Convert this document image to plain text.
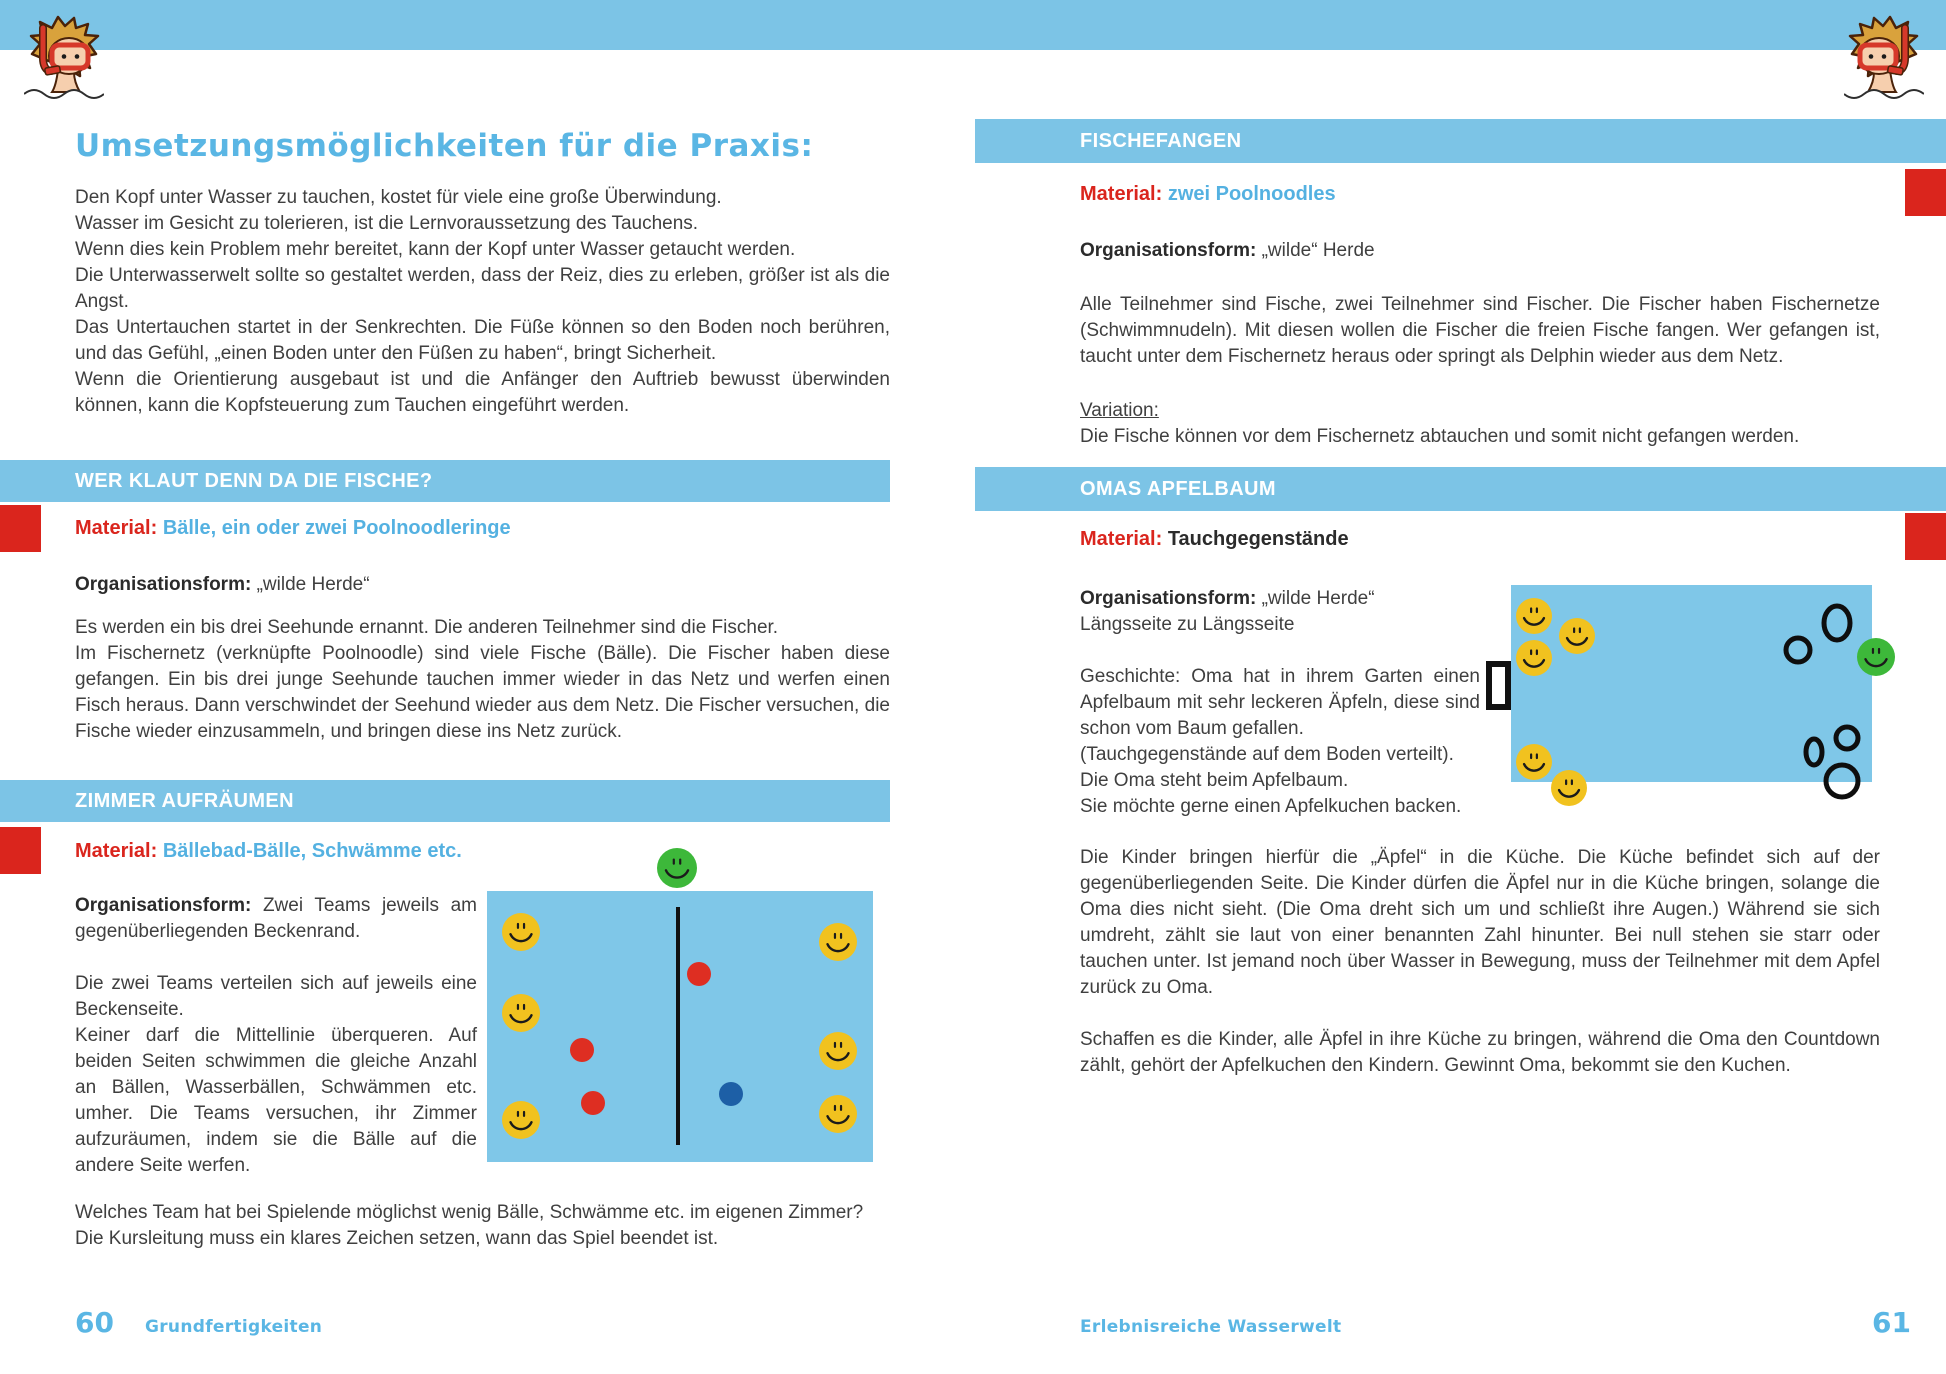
Umsetzungsmöglichkeiten für die Praxis:

Den Kopf unter Wasser zu tauchen, kostet für viele eine große Überwindung.

Wasser im Gesicht zu tolerieren, ist die Lernvoraussetzung des Tauchens.

Wenn dies kein Problem mehr bereitet, kann der Kopf unter Wasser getaucht werden.

Die Unterwasserwelt sollte so gestaltet werden, dass der Reiz, dies zu erleben, größer ist als die Angst.

Das Untertauchen startet in der Senkrechten. Die Füße können so den Boden noch berühren, und das Gefühl, „einen Boden unter den Füßen zu haben“, bringt Sicherheit.

Wenn die Orientierung ausgebaut ist und die Anfänger den Auftrieb bewusst überwinden können, kann die Kopfsteuerung zum Tauchen eingeführt werden.

WER KLAUT DENN DA DIE FISCHE?
Material: Bälle, ein oder zwei Poolnoodleringe
Organisationsform: „wilde Herde“

Es werden ein bis drei Seehunde ernannt. Die anderen Teilnehmer sind die Fischer.

Im Fischernetz (verknüpfte Poolnoodle) sind viele Fische (Bälle). Die Fischer haben diese gefangen. Ein bis drei junge Seehunde tauchen immer wieder in das Netz und werfen einen Fisch heraus. Dann verschwindet der Seehund wieder aus dem Netz. Die Fischer versuchen, die Fische wieder einzusammeln, und bringen diese ins Netz zurück.

ZIMMER AUFRÄUMEN
Material: Bällebad-Bälle, Schwämme etc.

Organisationsform: Zwei Teams jeweils am gegenüberliegenden Beckenrand.

Die zwei Teams verteilen sich auf jeweils eine Beckenseite.

Keiner darf die Mittellinie überqueren. Auf beiden Seiten schwimmen die gleiche Anzahl an Bällen, Wasserbällen, Schwämmen etc. umher. Die Teams versuchen, ihr Zimmer aufzuräumen, indem sie die Bälle auf die andere Seite werfen.

Welches Team hat bei Spielende möglichst wenig Bälle, Schwämme etc. im eigenen Zimmer?

Die Kursleitung muss ein klares Zeichen setzen, wann das Spiel beendet ist.

60 Grundfertigkeiten
FISCHEFANGEN
Material: zwei Poolnoodles
Organisationsform: „wilde“ Herde

Alle Teilnehmer sind Fische, zwei Teilnehmer sind Fischer. Die Fischer haben Fischernetze (Schwimmnudeln). Mit diesen wollen die Fischer die freien Fische fangen. Wer gefangen ist, taucht unter dem Fischernetz heraus oder springt als Delphin wieder aus dem Netz.

Variation:

Die Fische können vor dem Fischernetz abtauchen und somit nicht gefangen werden.

OMAS APFELBAUM
Material: Tauchgegenstände

Organisationsform: „wilde Herde“

Längsseite zu Längsseite

Geschichte: Oma hat in ihrem Garten einen Apfelbaum mit sehr leckeren Äpfeln, diese sind schon vom Baum gefallen.

(Tauchgegenstände auf dem Boden verteilt).

Die Oma steht beim Apfelbaum.

Sie möchte gerne einen Apfelkuchen backen.

Die Kinder bringen hierfür die „Äpfel“ in die Küche. Die Küche befindet sich auf der gegenüberliegenden Seite. Die Kinder dürfen die Äpfel nur in die Küche bringen, solange die Oma dies nicht sieht. (Die Oma dreht sich um und schließt ihre Augen.) Während sie sich umdreht, zählt sie laut von einer benannten Zahl hinunter. Bei null stehen sie starr oder tauchen unter. Ist jemand noch über Wasser in Bewegung, muss der Teilnehmer mit dem Apfel zurück zu Oma.

Schaffen es die Kinder, alle Äpfel in ihre Küche zu bringen, während die Oma den Countdown zählt, gehört der Apfelkuchen den Kindern. Gewinnt Oma, bekommt sie den Kuchen.

Erlebnisreiche Wasserwelt	61
